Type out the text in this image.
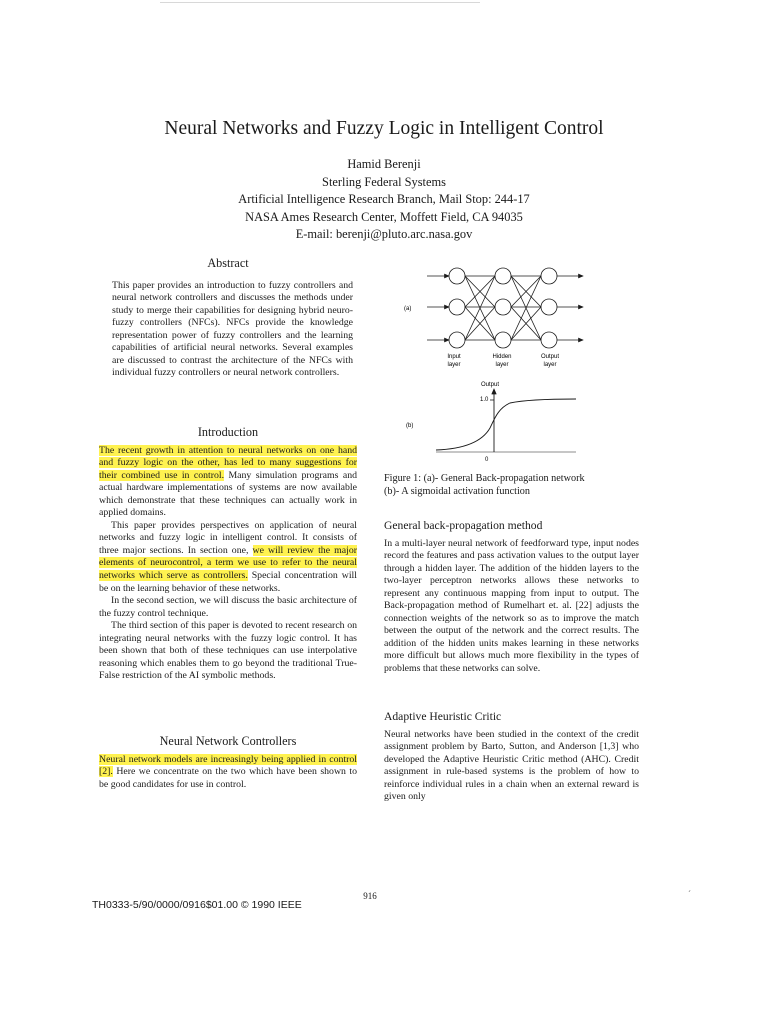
Neural Networks and Fuzzy Logic in Intelligent Control
Hamid Berenji
Sterling Federal Systems
Artificial Intelligence Research Branch, Mail Stop: 244-17
NASA Ames Research Center, Moffett Field, CA 94035
E-mail: berenji@pluto.arc.nasa.gov

Abstract

This paper provides an introduction to fuzzy controllers and neural network controllers and discusses the methods under study to merge their capabilities for designing hybrid neuro-fuzzy controllers (NFCs). NFCs provide the knowledge representation power of fuzzy controllers and the learning capabilities of artificial neural networks. Several examples are discussed to contrast the architecture of the NFCs with individual fuzzy controllers or neural network controllers.

Introduction

The recent growth in attention to neural networks on one hand and fuzzy logic on the other, has led to many suggestions for their combined use in control. Many simulation programs and actual hardware implementations of systems are now available which demonstrate that these techniques can actually work in applied domains.

This paper provides perspectives on application of neural networks and fuzzy logic in intelligent control. It consists of three major sections. In section one, we will review the major elements of neurocontrol, a term we use to refer to the neural networks which serve as controllers. Special concentration will be on the learning behavior of these networks.

In the second section, we will discuss the basic architecture of the fuzzy control technique.

The third section of this paper is devoted to recent research on integrating neural networks with the fuzzy logic control. It has been shown that both of these techniques can use interpolative reasoning which enables them to go beyond the traditional True-False restriction of the AI symbolic methods.

Neural Network Controllers

Neural network models are increasingly being applied in control [2]. Here we concentrate on the two which have been shown to be good candidates for use in control.

(a)
(b)
Input
layer
Hidden
layer
Output
layer
Output
1.0
0
Figure 1: (a)- General Back-propagation network
(b)- A sigmoidal activation function

General back-propagation method

In a multi-layer neural network of feedforward type, input nodes record the features and pass activation values to the output layer through a hidden layer. The addition of the hidden layers to the two-layer perceptron networks allows these networks to represent any continuous mapping from input to output. The Back-propagation method of Rumelhart et. al. [22] adjusts the connection weights of the network so as to improve the match between the output of the network and the correct results. The addition of the hidden units makes learning in these networks more difficult but allows much more flexibility in the types of problems that these networks can solve.

Adaptive Heuristic Critic

Neural networks have been studied in the context of the credit assignment problem by Barto, Sutton, and Anderson [1,3] who developed the Adaptive Heuristic Critic method (AHC). Credit assignment in rule-based systems is the problem of how to reinforce individual rules in a chain when an external reward is given only

916	´
TH0333-5/90/0000/0916$01.00 © 1990 IEEE
